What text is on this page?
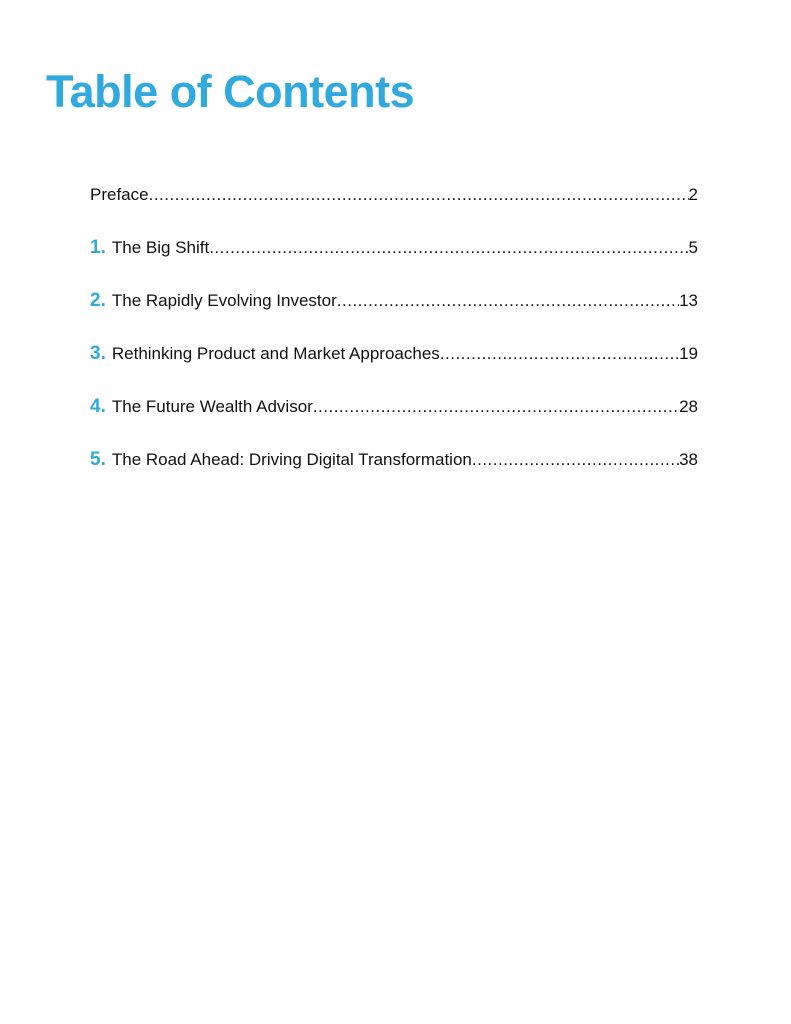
Table of Contents
Preface .....	2
1. The Big Shift .....	5
2. The Rapidly Evolving Investor .....	13
3. Rethinking Product and Market Approaches .....	19
4. The Future Wealth Advisor .....	28
5. The Road Ahead: Driving Digital Transformation .....	38
